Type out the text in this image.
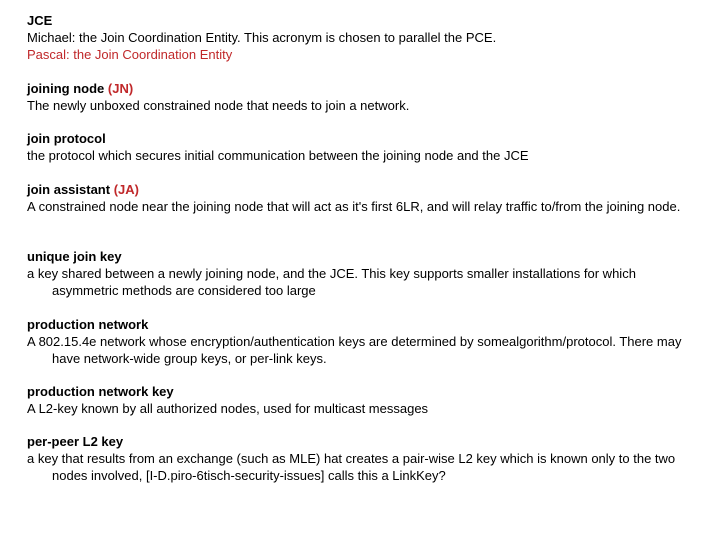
JCE
Michael: the Join Coordination Entity. This acronym is chosen to parallel the PCE.
Pascal: the Join Coordination Entity
joining node (JN)
The newly unboxed constrained node that needs to join a network.
join protocol
the protocol which secures initial communication between the joining node and the JCE
join assistant (JA)
A constrained node near the joining node that will act as it's first 6LR, and will relay traffic to/from the joining node.
unique join key
a key shared between a newly joining node, and the JCE. This key supports smaller installations for which asymmetric methods are considered too large
production network
A 802.15.4e network whose encryption/authentication keys are determined by somealgorithm/protocol. There may have network-wide group keys, or per-link keys.
production network key
A L2-key known by all authorized nodes, used for multicast messages
per-peer L2 key
a key that results from an exchange (such as MLE) hat creates a pair-wise L2 key which is known only to the two nodes involved, [I-D.piro-6tisch-security-issues] calls this a LinkKey?
